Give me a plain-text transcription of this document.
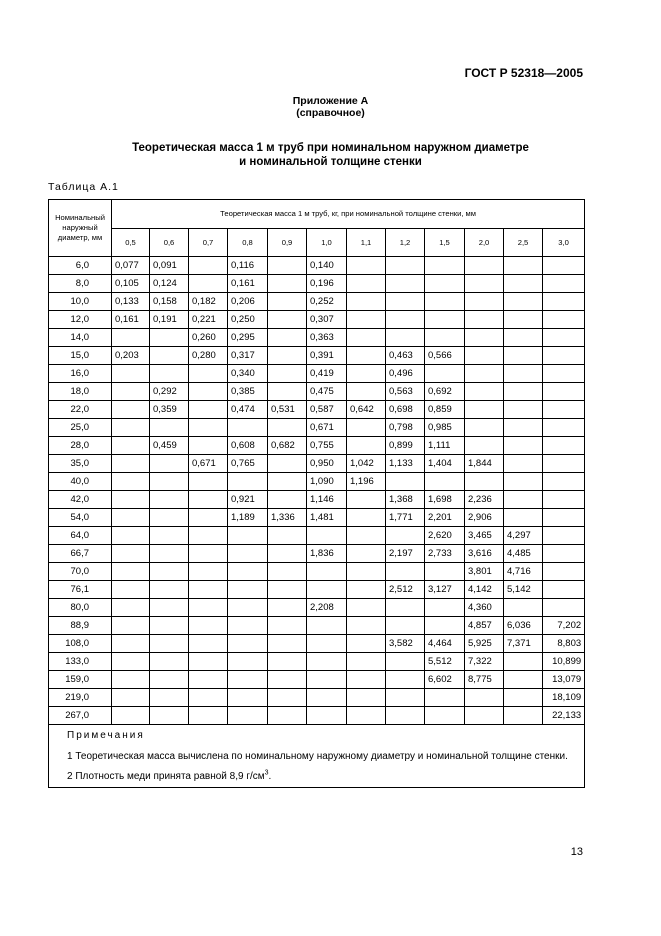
ГОСТ Р 52318—2005
Приложение А
(справочное)
Теоретическая масса 1 м труб при номинальном наружном диаметре
и номинальной толщине стенки
Таблица А.1
Номинальный наружный диаметр, мм	Теоретическая масса 1 м труб, кг, при номинальной толщине стенки, мм											
	0,5	0,6	0,7	0,8	0,9	1,0	1,1	1,2	1,5	2,0	2,5	3,0
6,0	0,077	0,091		0,116		0,140						
8,0	0,105	0,124		0,161		0,196						
10,0	0,133	0,158	0,182	0,206		0,252						
12,0	0,161	0,191	0,221	0,250		0,307						
14,0			0,260	0,295		0,363						
15,0	0,203		0,280	0,317		0,391		0,463	0,566			
16,0				0,340		0,419		0,496				
18,0		0,292		0,385		0,475		0,563	0,692			
22,0		0,359		0,474	0,531	0,587	0,642	0,698	0,859			
25,0						0,671		0,798	0,985			
28,0		0,459		0,608	0,682	0,755		0,899	1,111			
35,0			0,671	0,765		0,950	1,042	1,133	1,404	1,844		
40,0						1,090	1,196					
42,0				0,921		1,146		1,368	1,698	2,236		
54,0				1,189	1,336	1,481		1,771	2,201	2,906		
64,0									2,620	3,465	4,297	
66,7						1,836		2,197	2,733	3,616	4,485	
70,0										3,801	4,716	
76,1								2,512	3,127	4,142	5,142	
80,0						2,208				4,360		
88,9										4,857	6,036	7,202
108,0								3,582	4,464	5,925	7,371	8,803
133,0									5,512	7,322		10,899
159,0									6,602	8,775		13,079
219,0												18,109
267,0												22,133

Примечания
1 Теоретическая масса вычислена по номинальному наружному диаметру и номинальной толщине стенки.
2 Плотность меди принята равной 8,9 $г/см^3$.												
13
